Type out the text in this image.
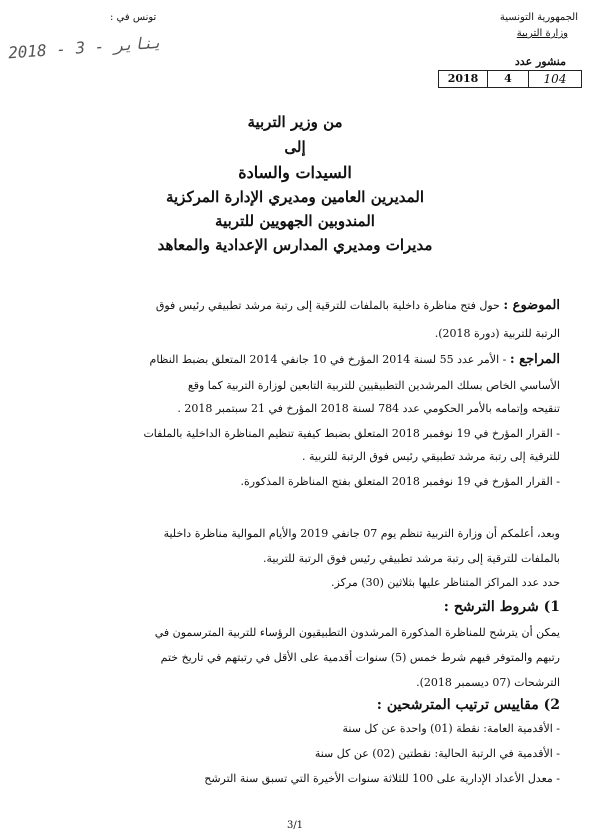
تونس في :
2018 - 3 - يناير
الجمهورية التونسية
وزارة التربية
منشور عدد
2018	4	104
من وزير التربية
إلى
السيدات والسادة
المديرين العامين ومديري الإدارة المركزية
المندوبين الجهويين للتربية
مديرات ومديري المدارس الإعدادية والمعاهد
الموضوع : حول فتح مناظرة داخلية بالملفات للترقية إلى رتبة مرشد تطبيقي رئيس فوق
الرتبة للتربية (دورة 2018).
المراجع : - الأمر عدد 55 لسنة 2014 المؤرخ في 10 جانفي 2014 المتعلق بضبط النظام
الأساسي الخاص بسلك المرشدين التطبيقيين للتربية التابعين لوزارة التربية كما وقع
تنقيحه وإتمامه بالأمر الحكومي عدد 784 لسنة 2018 المؤرخ في 21 سبتمبر 2018 .
- القرار المؤرخ في 19 نوفمبر 2018 المتعلق بضبط كيفية تنظيم المناظرة الداخلية بالملفات
للترقية إلى رتبة مرشد تطبيقي رئيس فوق الرتبة للتربية .
- القرار المؤرخ في 19 نوفمبر 2018 المتعلق بفتح المناظرة المذكورة.
وبعد، أعلمكم أن وزارة التربية تنظم يوم 07 جانفي 2019 والأيام الموالية مناظرة داخلية
بالملفات للترقية إلى رتبة مرشد تطبيقي رئيس فوق الرتبة للتربية.
حدد عدد المراكز المتناظر عليها بثلاثين (30) مركز.
1) شروط الترشح :
يمكن أن يترشح للمناظرة المذكورة المرشدون التطبيقيون الرؤساء للتربية المترسمون في
رتبهم والمتوفر فيهم شرط خمس (5) سنوات أقدمية على الأقل في رتبتهم في تاريخ ختم
الترشحات (07 ديسمبر 2018).
2) مقاييس ترتيب المترشحين :
- الأقدمية العامة: نقطة (01) واحدة عن كل سنة
- الأقدمية في الرتبة الحالية: نقطتين (02) عن كل سنة
- معدل الأعداد الإدارية على 100 للثلاثة سنوات الأخيرة التي تسبق سنة الترشح
3/1
